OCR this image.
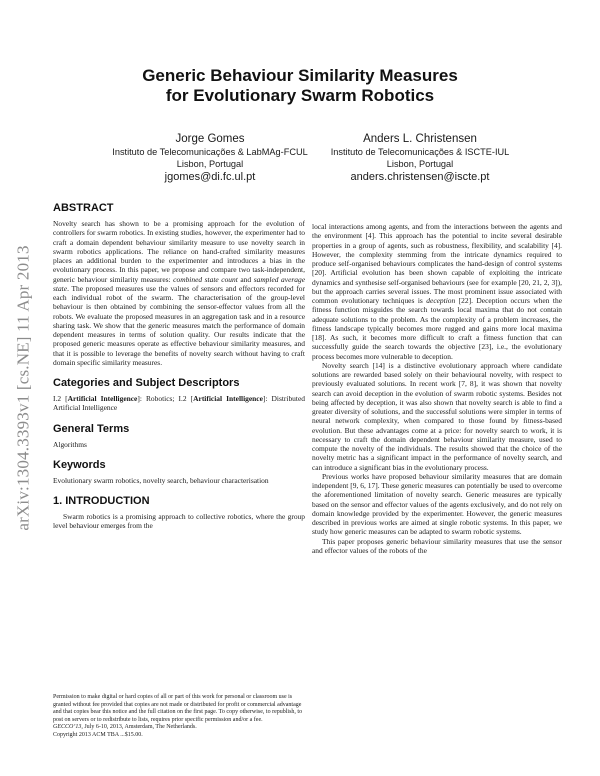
arXiv:1304.3393v1 [cs.NE] 11 Apr 2013
Generic Behaviour Similarity Measures
for Evolutionary Swarm Robotics
Jorge Gomes
Instituto de Telecomunicações & LabMAg-FCUL
Lisbon, Portugal
jgomes@di.fc.ul.pt
Anders L. Christensen
Instituto de Telecomunicações & ISCTE-IUL
Lisbon, Portugal
anders.christensen@iscte.pt
ABSTRACT

Novelty search has shown to be a promising approach for the evolution of controllers for swarm robotics. In existing studies, however, the experimenter had to craft a domain dependent behaviour similarity measure to use novelty search in swarm robotics applications. The reliance on hand-crafted similarity measures places an additional burden to the experimenter and introduces a bias in the evolutionary process. In this paper, we propose and compare two task-independent, generic behaviour similarity measures: combined state count and sampled average state. The proposed measures use the values of sensors and effectors recorded for each individual robot of the swarm. The characterisation of the group-level behaviour is then obtained by combining the sensor-effector values from all the robots. We evaluate the proposed measures in an aggregation task and in a resource sharing task. We show that the generic measures match the performance of domain dependent measures in terms of solution quality. Our results indicate that the proposed generic measures operate as effective behaviour similarity measures, and that it is possible to leverage the benefits of novelty search without having to craft domain specific similarity measures.

Categories and Subject Descriptors

I.2 [Artificial Intelligence]: Robotics; I.2 [Artificial Intelligence]: Distributed Artificial Intelligence

General Terms

Algorithms

Keywords

Evolutionary swarm robotics, novelty search, behaviour characterisation

1. INTRODUCTION

Swarm robotics is a promising approach to collective robotics, where the group level behaviour emerges from the

Permission to make digital or hard copies of all or part of this work for personal or classroom use is granted without fee provided that copies are not made or distributed for profit or commercial advantage and that copies bear this notice and the full citation on the first page. To copy otherwise, to republish, to post on servers or to redistribute to lists, requires prior specific permission and/or a fee.
GECCO’13, July 6-10, 2013, Amsterdam, The Netherlands.
Copyright 2013 ACM TBA ...$15.00.

local interactions among agents, and from the interactions between the agents and the environment [4]. This approach has the potential to incite several desirable properties in a group of agents, such as robustness, flexibility, and scalability [4]. However, the complexity stemming from the intricate dynamics required to produce self-organised behaviours complicates the hand-design of control systems [20]. Artificial evolution has been shown capable of exploiting the intricate dynamics and synthesise self-organised behaviours (see for example [20, 21, 2, 3]), but the approach carries several issues. The most prominent issue associated with common evolutionary techniques is deception [22]. Deception occurs when the fitness function misguides the search towards local maxima that do not contain adequate solutions to the problem. As the complexity of a problem increases, the fitness landscape typically becomes more rugged and gains more local maxima [18]. As such, it becomes more difficult to craft a fitness function that can successfully guide the search towards the objective [23], i.e., the evolutionary process becomes more vulnerable to deception.

Novelty search [14] is a distinctive evolutionary approach where candidate solutions are rewarded based solely on their behavioural novelty, with respect to previously evaluated solutions. In recent work [7, 8], it was shown that novelty search can avoid deception in the evolution of swarm robotic systems. Besides not being affected by deception, it was also shown that novelty search is able to find a greater diversity of solutions, and the successful solutions were simpler in terms of neural network complexity, when compared to those found by fitness-based evolution. But these advantages come at a price: for novelty search to work, it is necessary to craft the domain dependent behaviour similarity measure, used to compute the novelty of the individuals. The results showed that the choice of the novelty metric has a significant impact in the performance of novelty search, and can introduce a significant bias in the evolutionary process.

Previous works have proposed behaviour similarity measures that are domain independent [9, 6, 17]. These generic measures can potentially be used to overcome the aforementioned limitation of novelty search. Generic measures are typically based on the sensor and effector values of the agents exclusively, and do not rely on domain knowledge provided by the experimenter. However, the generic measures described in previous works are aimed at single robotic systems. In this paper, we study how generic measures can be adapted to swarm robotic systems.

This paper proposes generic behaviour similarity measures that use the sensor and effector values of the robots of the
